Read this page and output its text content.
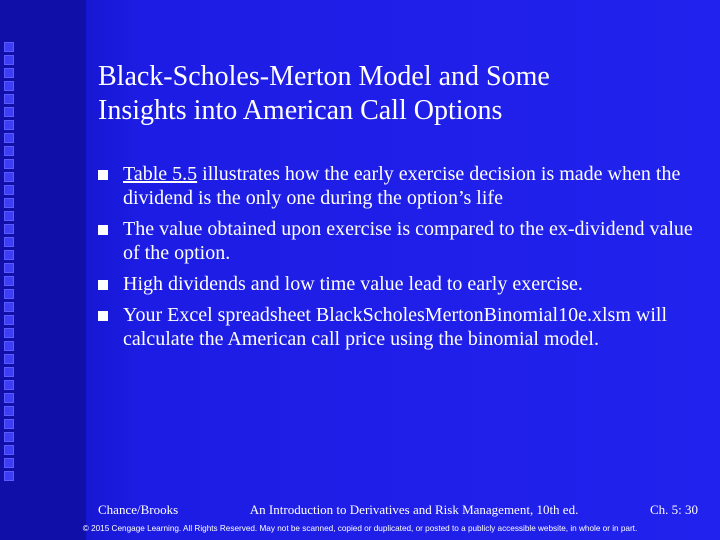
Black-Scholes-Merton Model and Some
Insights into American Call Options
Table 5.5 illustrates how the early exercise decision is made when the dividend is the only one during the option’s life
The value obtained upon exercise is compared to the ex-dividend value of the option.
High dividends and low time value lead to early exercise.
Your Excel spreadsheet BlackScholesMertonBinomial10e.xlsm will calculate the American call price using the binomial model.
Chance/Brooks	An Introduction to Derivatives and Risk Management, 10th ed.	Ch. 5: 30
© 2015 Cengage Learning. All Rights Reserved. May not be scanned, copied or duplicated, or posted to a publicly accessible website, in whole or in part.
